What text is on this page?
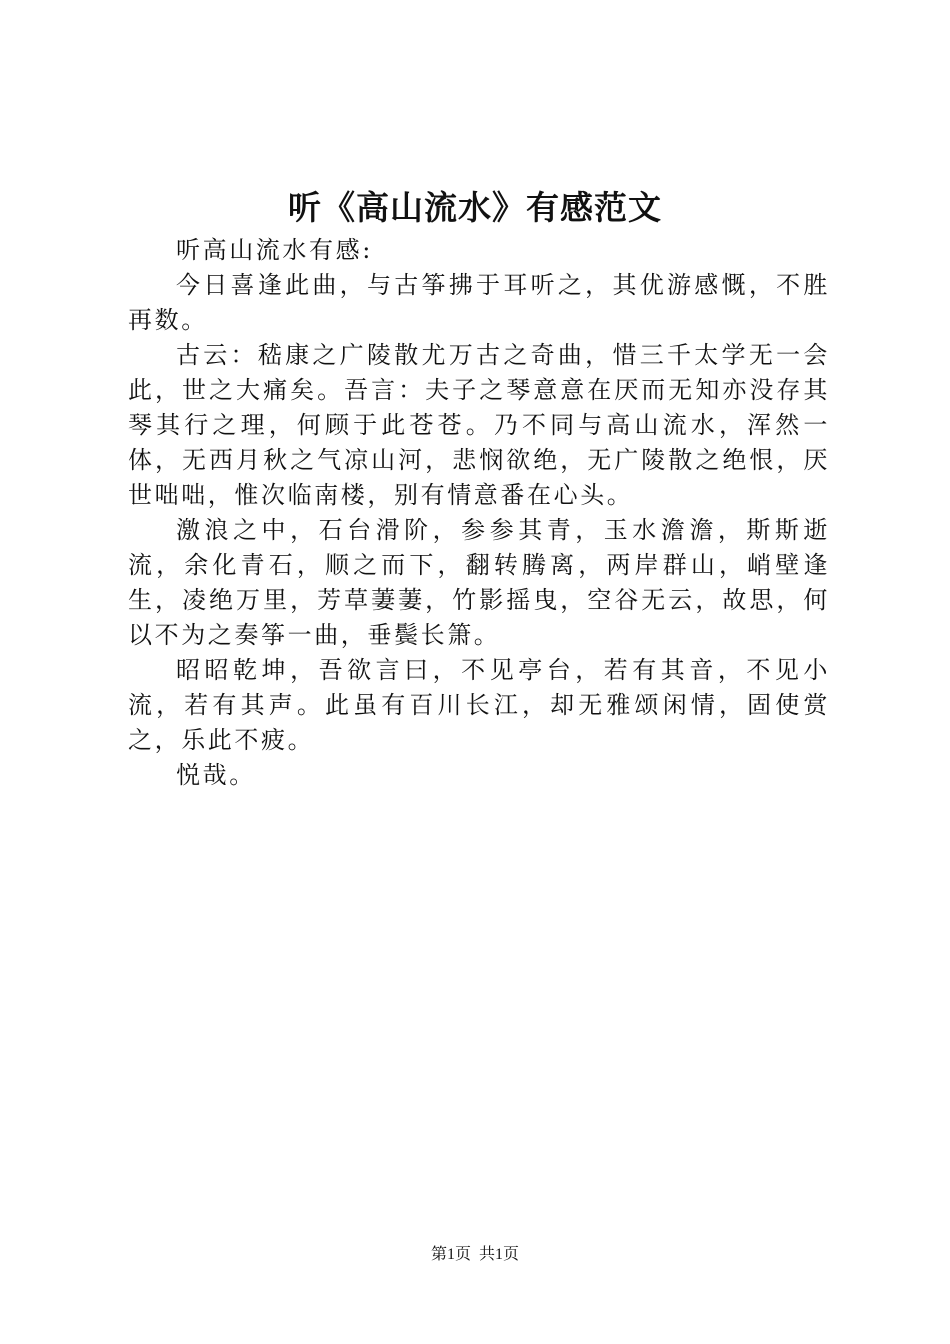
听《高山流水》有感范文

听高山流水有感:

今日喜逢此曲，与古筝拂于耳听之，其优游感慨，不胜再数。

古云：嵇康之广陵散尤万古之奇曲，惜三千太学无一会此，世之大痛矣。吾言：夫子之琴意意在厌而无知亦没存其琴其行之理，何顾于此苍苍。乃不同与高山流水，浑然一体，无西月秋之气凉山河，悲悯欲绝，无广陵散之绝恨，厌世咄咄，惟次临南楼，别有情意番在心头。

激浪之中，石台滑阶，参参其青，玉水澹澹，斯斯逝流，余化青石，顺之而下，翻转腾离，两岸群山，峭壁逢生，凌绝万里，芳草萋萋，竹影摇曳，空谷无云，故思，何以不为之奏筝一曲，垂鬓长箫。

昭昭乾坤，吾欲言曰，不见亭台，若有其音，不见小流，若有其声。此虽有百川长江，却无雅颂闲情，固使赏之，乐此不疲。

悦哉。

第1页 共1页
